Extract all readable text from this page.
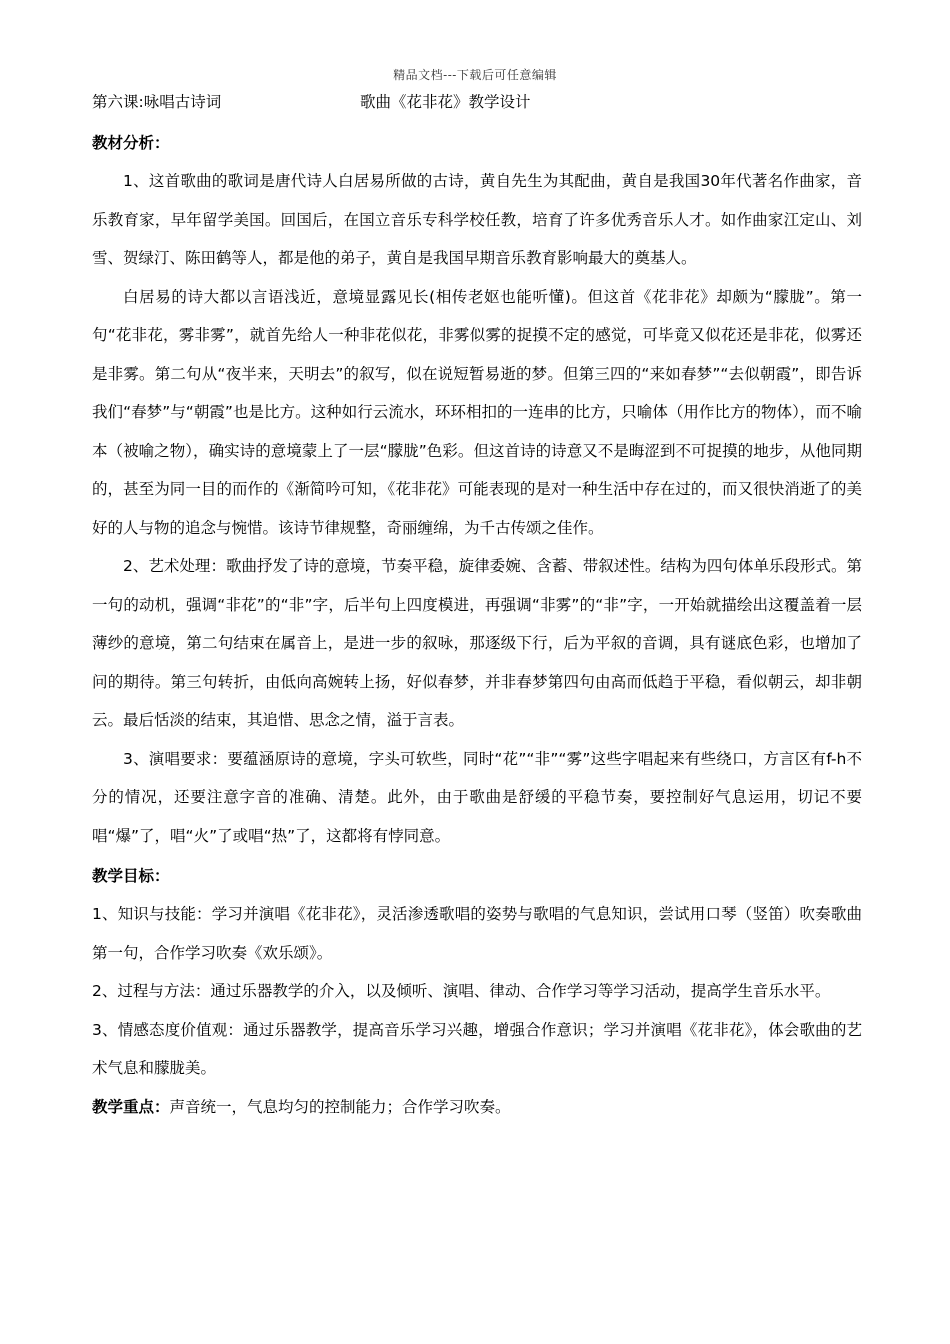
精品文档---下载后可任意编辑
第六课:咏唱古诗词	歌曲《花非花》教学设计
教材分析：

1、这首歌曲的歌词是唐代诗人白居易所做的古诗，黄自先生为其配曲，黄自是我国30年代著名作曲家，音乐教育家，早年留学美国。回国后，在国立音乐专科学校任教，培育了许多优秀音乐人才。如作曲家江定山、刘雪、贺绿汀、陈田鹤等人，都是他的弟子，黄自是我国早期音乐教育影响最大的奠基人。

白居易的诗大都以言语浅近，意境显露见长(相传老妪也能听懂)。但这首《花非花》却颇为“朦胧”。第一句“花非花，雾非雾”，就首先给人一种非花似花，非雾似雾的捉摸不定的感觉，可毕竟又似花还是非花，似雾还是非雾。第二句从“夜半来，天明去”的叙写，似在说短暂易逝的梦。但第三四的“来如春梦”“去似朝霞”，即告诉我们“春梦”与“朝霞”也是比方。这种如行云流水，环环相扣的一连串的比方，只喻体（用作比方的物体），而不喻本（被喻之物），确实诗的意境蒙上了一层“朦胧”色彩。但这首诗的诗意又不是晦涩到不可捉摸的地步，从他同期的，甚至为同一目的而作的《渐简吟可知，《花非花》可能表现的是对一种生活中存在过的，而又很快消逝了的美好的人与物的追念与惋惜。该诗节律规整，奇丽缠绵，为千古传颂之佳作。

2、艺术处理：歌曲抒发了诗的意境，节奏平稳，旋律委婉、含蓄、带叙述性。结构为四句体单乐段形式。第一句的动机，强调“非花”的“非”字，后半句上四度模进，再强调“非雾”的“非”字，一开始就描绘出这覆盖着一层薄纱的意境，第二句结束在属音上，是进一步的叙咏，那逐级下行，后为平叙的音调，具有谜底色彩，也增加了问的期待。第三句转折，由低向高婉转上扬，好似春梦，并非春梦第四句由高而低趋于平稳，看似朝云，却非朝云。最后恬淡的结束，其追惜、思念之情，溢于言表。

3、演唱要求：要蕴涵原诗的意境，字头可软些，同时“花”“非”“雾”这些字唱起来有些绕口，方言区有f-h不分的情况，还要注意字音的准确、清楚。此外，由于歌曲是舒缓的平稳节奏，要控制好气息运用，切记不要唱“爆”了，唱“火”了或唱“热”了，这都将有悖同意。

教学目标：

1、知识与技能：学习并演唱《花非花》，灵活渗透歌唱的姿势与歌唱的气息知识，尝试用口琴（竖笛）吹奏歌曲第一句，合作学习吹奏《欢乐颂》。

2、过程与方法：通过乐器教学的介入，以及倾听、演唱、律动、合作学习等学习活动，提高学生音乐水平。

3、情感态度价值观：通过乐器教学，提高音乐学习兴趣，增强合作意识；学习并演唱《花非花》，体会歌曲的艺术气息和朦胧美。

教学重点：声音统一，气息均匀的控制能力；合作学习吹奏。
